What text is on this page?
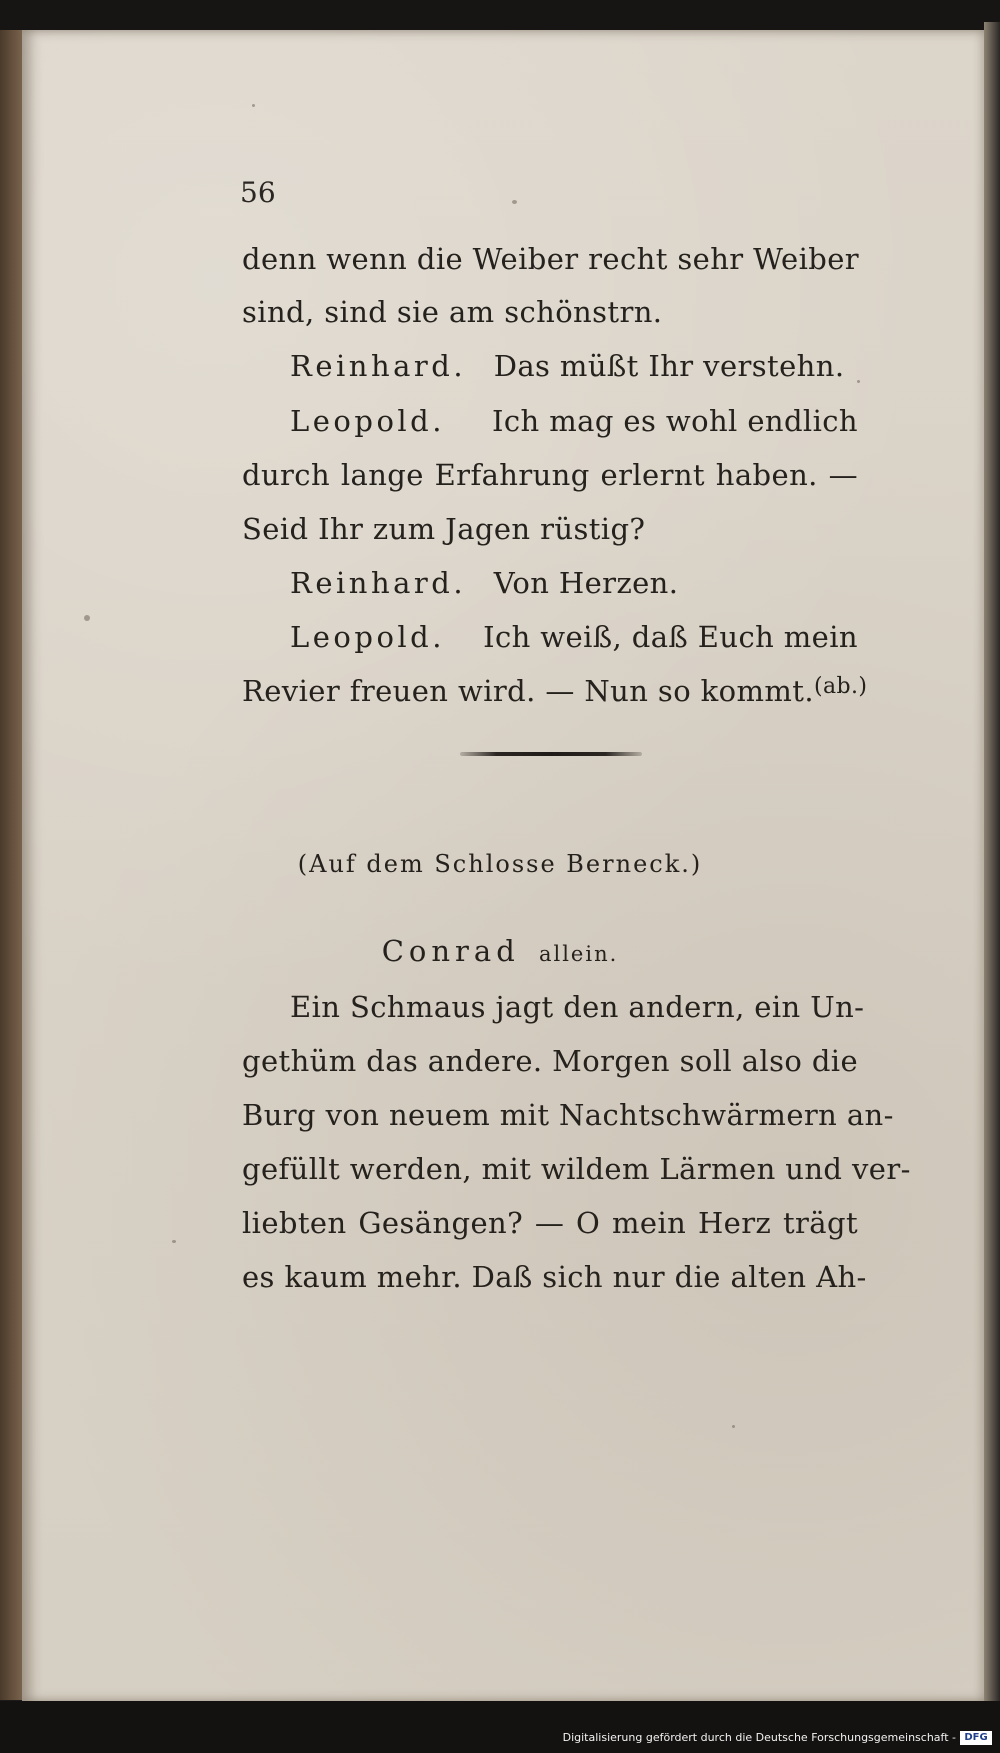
56
denn wenn die Weiber recht sehr Weiber
sind, sind sie am schönstrn.
Reinhard. Das müßt Ihr verstehn.
Leopold. Ich mag es wohl endlich
durch lange Erfahrung erlernt haben. —
Seid Ihr zum Jagen rüstig?
Reinhard. Von Herzen.
Leopold. Ich weiß, daß Euch mein
Revier freuen wird. — Nun so kommt. (ab.)
(Auf dem Schlosse Berneck.)
Conrad allein.
Ein Schmaus jagt den andern, ein Un-
gethüm das andere. Morgen soll also die
Burg von neuem mit Nachtschwärmern an-
gefüllt werden, mit wildem Lärmen und ver-
liebten Gesängen? — O mein Herz trägt
es kaum mehr. Daß sich nur die alten Ah-
Digitalisierung gefördert durch die Deutsche Forschungsgemeinschaft - DFG
